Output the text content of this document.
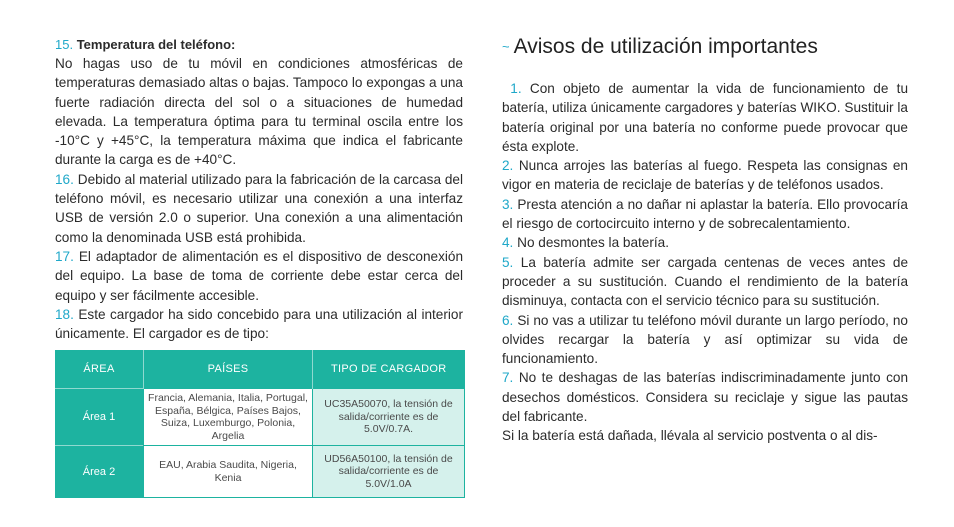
15. Temperatura del teléfono:

No hagas uso de tu móvil en condiciones atmosféricas de temperaturas demasiado altas o bajas. Tampoco lo expongas a una fuerte radiación directa del sol o a situaciones de humedad elevada. La temperatura óptima para tu terminal oscila entre los -10°C y +45°C, la temperatura máxima que indica el fabricante durante la carga es de +40°C.

16. Debido al material utilizado para la fabricación de la carcasa del teléfono móvil, es necesario utilizar una conexión a una interfaz USB de versión 2.0 o superior. Una conexión a una alimentación como la denominada USB está prohibida.

17. El adaptador de alimentación es el dispositivo de desconexión del equipo. La base de toma de corriente debe estar cerca del equipo y ser fácilmente accesible.

18. Este cargador ha sido concebido para una utilización al interior únicamente. El cargador es de tipo:

ÁREA	PAÍSES	TIPO DE CARGADOR
Área 1	Francia, Alemania, Italia, Portugal, España, Bélgica, Países Bajos, Suiza, Luxemburgo, Polonia, Argelia	UC35A50070, la tensión de salida/corriente es de 5.0V/0.7A.
Área 2	EAU, Arabia Saudita, Nigeria, Kenia	UD56A50100, la tensión de salida/corriente es de 5.0V/1.0A
~ Avisos de utilización importantes

1. Con objeto de aumentar la vida de funcionamiento de tu batería, utiliza únicamente cargadores y baterías WIKO. Sustituir la batería original por una batería no conforme puede provocar que ésta explote.

2. Nunca arrojes las baterías al fuego. Respeta las consignas en vigor en materia de reciclaje de baterías y de teléfonos usados.

3. Presta atención a no dañar ni aplastar la batería. Ello provocaría el riesgo de cortocircuito interno y de sobrecalentamiento.

4. No desmontes la batería.

5. La batería admite ser cargada centenas de veces antes de proceder a su sustitución. Cuando el rendimiento de la batería disminuya, contacta con el servicio técnico para su sustitución.

6. Si no vas a utilizar tu teléfono móvil durante un largo período, no olvides recargar la batería y así optimizar su vida de funcionamiento.

7. No te deshagas de las baterías indiscriminadamente junto con desechos domésticos. Considera su reciclaje y sigue las pautas del fabricante.

Si la batería está dañada, llévala al servicio postventa o al dis-
